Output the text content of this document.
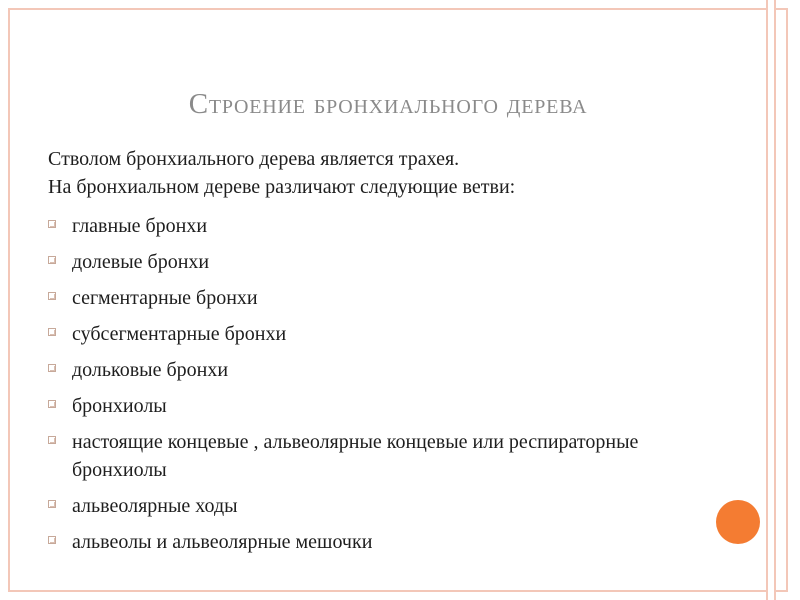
Строение бронхиального дерева
Стволом бронхиального дерева является трахея.
На бронхиальном дереве различают следующие ветви:
главные бронхи
долевые бронхи
сегментарные бронхи
субсегментарные бронхи
дольковые бронхи
бронхиолы
настоящие концевые , альвеолярные концевые или респираторные бронхиолы
альвеолярные ходы
альвеолы и альвеолярные мешочки
